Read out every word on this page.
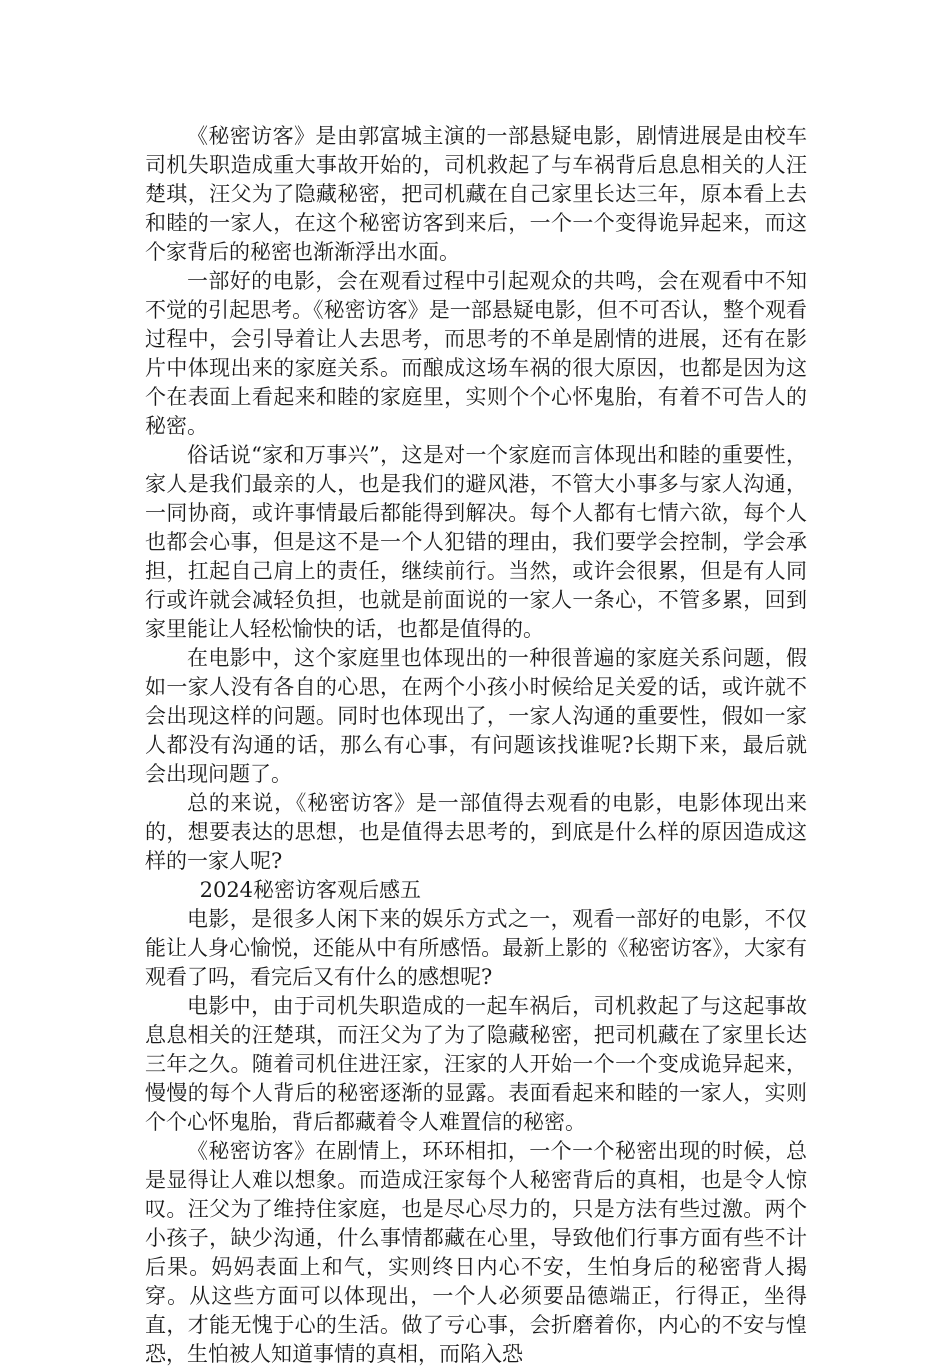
《秘密访客》是由郭富城主演的一部悬疑电影，剧情进展是由校车司机失职造成重大事故开始的，司机救起了与车祸背后息息相关的人汪楚琪，汪父为了隐藏秘密，把司机藏在自己家里长达三年，原本看上去和睦的一家人，在这个秘密访客到来后，一个一个变得诡异起来，而这个家背后的秘密也渐渐浮出水面。

一部好的电影，会在观看过程中引起观众的共鸣，会在观看中不知不觉的引起思考。《秘密访客》是一部悬疑电影，但不可否认，整个观看过程中，会引导着让人去思考，而思考的不单是剧情的进展，还有在影片中体现出来的家庭关系。而酿成这场车祸的很大原因，也都是因为这个在表面上看起来和睦的家庭里，实则个个心怀鬼胎，有着不可告人的秘密。

俗话说“家和万事兴”，这是对一个家庭而言体现出和睦的重要性，家人是我们最亲的人，也是我们的避风港，不管大小事多与家人沟通，一同协商，或许事情最后都能得到解决。每个人都有七情六欲，每个人也都会心事，但是这不是一个人犯错的理由，我们要学会控制，学会承担，扛起自己肩上的责任，继续前行。当然，或许会很累，但是有人同行或许就会减轻负担，也就是前面说的一家人一条心，不管多累，回到家里能让人轻松愉快的话，也都是值得的。

在电影中，这个家庭里也体现出的一种很普遍的家庭关系问题，假如一家人没有各自的心思，在两个小孩小时候给足关爱的话，或许就不会出现这样的问题。同时也体现出了，一家人沟通的重要性，假如一家人都没有沟通的话，那么有心事，有问题该找谁呢?长期下来，最后就会出现问题了。

总的来说，《秘密访客》是一部值得去观看的电影，电影体现出来的，想要表达的思想，也是值得去思考的，到底是什么样的原因造成这样的一家人呢?

2024秘密访客观后感五

电影，是很多人闲下来的娱乐方式之一，观看一部好的电影，不仅能让人身心愉悦，还能从中有所感悟。最新上影的《秘密访客》，大家有观看了吗，看完后又有什么的感想呢?

电影中，由于司机失职造成的一起车祸后，司机救起了与这起事故息息相关的汪楚琪，而汪父为了为了隐藏秘密，把司机藏在了家里长达三年之久。随着司机住进汪家，汪家的人开始一个一个变成诡异起来，慢慢的每个人背后的秘密逐渐的显露。表面看起来和睦的一家人，实则个个心怀鬼胎，背后都藏着令人难置信的秘密。

《秘密访客》在剧情上，环环相扣，一个一个秘密出现的时候，总是显得让人难以想象。而造成汪家每个人秘密背后的真相，也是令人惊叹。汪父为了维持住家庭，也是尽心尽力的，只是方法有些过激。两个小孩子，缺少沟通，什么事情都藏在心里，导致他们行事方面有些不计后果。妈妈表面上和气，实则终日内心不安，生怕身后的秘密背人揭穿。从这些方面可以体现出，一个人必须要品德端正，行得正，坐得直，才能无愧于心的生活。做了亏心事，会折磨着你，内心的不安与惶恐，生怕被人知道事情的真相，而陷入恐
